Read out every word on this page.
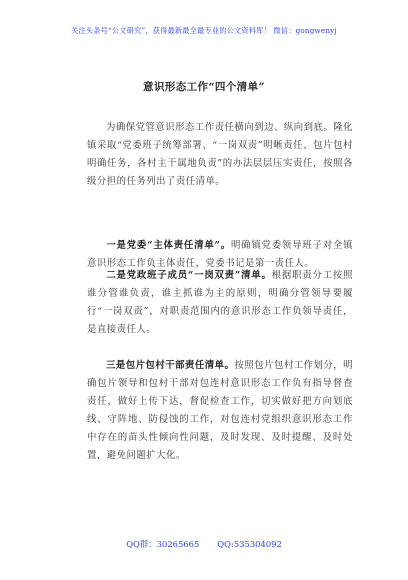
关注头条号“公文研究”，获得最新最全最专业的公文资料库！ 微信：gongwenyj
意识形态工作“四个清单”
为确保党管意识形态工作责任横向到边、纵向到底。隆化镇采取“党委班子统筹部署、“一岗双责”明晰责任、包片包村明确任务，各村主干属地负责”的办法层层压实责任，按照各级分担的任务列出了责任清单。
一是党委“主体责任清单”。明确镇党委领导班子对全镇意识形态工作负主体责任，党委书记是第一责任人。
二是党政班子成员“一岗双责”清单。根据职责分工按照谁分管谁负责，谁主抓谁为主的原则，明确分管领导要履行“一岗双责”，对职责范围内的意识形态工作负领导责任，是直接责任人。
三是包片包村干部责任清单。按照包片包村工作划分，明确包片领导和包村干部对包连村意识形态工作负有指导督查责任，做好上传下达，督促检查工作，切实做好把方向划底线、守阵地、防侵蚀的工作，对包连村党组织意识形态工作中存在的苗头性倾向性问题，及时发现、及时提醒、及时处置，避免问题扩大化。
QQ群：30265665 QQ:535304092
